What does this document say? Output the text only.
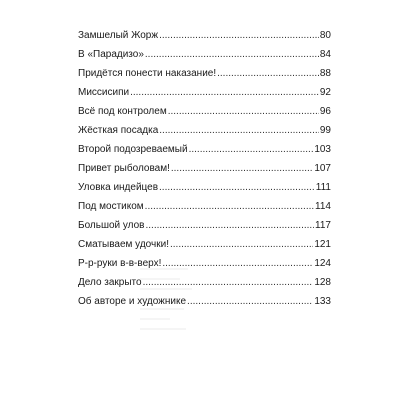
Замшелый Жорж .....	80
В «Парадизо» .....	84
Придётся понести наказание! .....	88
Миссисипи .....	92
Всё под контролем .....	96
Жёсткая посадка .....	99
Второй подозреваемый .....	103
Привет рыболовам! .....	107
Уловка индейцев .....	111
Под мостиком .....	114
Большой улов .....	117
Сматываем удочки! .....	121
Р-р-руки в-в-верх! .....	124
Дело закрыто .....	128
Об авторе и художнике .....	133
